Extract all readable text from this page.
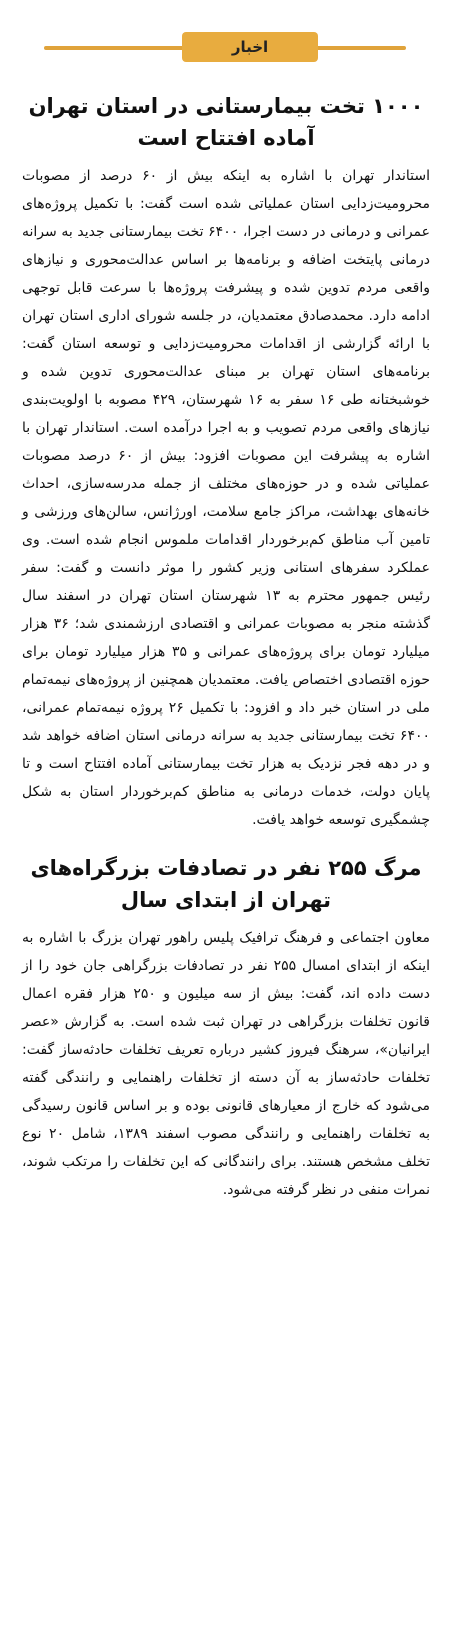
اخبار
۱۰۰۰ تخت بیمارستانی در استان تهران
آماده افتتاح است

استاندار تهران با اشاره به اینکه بیش از ۶۰ درصد از مصوبات محرومیت‌زدایی استان عملیاتی شده است گفت: با تکمیل پروژه‌های عمرانی و درمانی در دست اجرا، ۶۴۰۰ تخت بیمارستانی جدید به سرانه درمانی پایتخت اضافه و برنامه‌ها بر اساس عدالت‌محوری و نیازهای واقعی مردم تدوین شده و پیشرفت پروژه‌ها با سرعت قابل توجهی ادامه دارد. محمدصادق معتمدیان، در جلسه شورای اداری استان تهران با ارائه گزارشی از اقدامات محرومیت‌زدایی و توسعه استان گفت: برنامه‌های استان تهران بر مبنای عدالت‌محوری تدوین شده و خوشبختانه طی ۱۶ سفر به ۱۶ شهرستان، ۴۲۹ مصوبه با اولویت‌بندی نیازهای واقعی مردم تصویب و به اجرا درآمده است. استاندار تهران با اشاره به پیشرفت این مصوبات افزود: بیش از ۶۰ درصد مصوبات عملیاتی شده و در حوزه‌های مختلف از جمله مدرسه‌سازی، احداث خانه‌های بهداشت، مراکز جامع سلامت، اورژانس، سالن‌های ورزشی و تامین آب مناطق کم‌برخوردار اقدامات ملموس انجام شده است. وی عملکرد سفرهای استانی وزیر کشور را موثر دانست و گفت: سفر رئیس جمهور محترم به ۱۳ شهرستان استان تهران در اسفند سال گذشته منجر به مصوبات عمرانی و اقتصادی ارزشمندی شد؛ ۳۶ هزار میلیارد تومان برای پروژه‌های عمرانی و ۳۵ هزار میلیارد تومان برای حوزه اقتصادی اختصاص یافت. معتمدیان همچنین از پروژه‌های نیمه‌تمام ملی در استان خبر داد و افزود: با تکمیل ۲۶ پروژه نیمه‌تمام عمرانی، ۶۴۰۰ تخت بیمارستانی جدید به سرانه درمانی استان اضافه خواهد شد و در دهه فجر نزدیک به هزار تخت بیمارستانی آماده افتتاح است و تا پایان دولت، خدمات درمانی به مناطق کم‌برخوردار استان به شکل چشمگیری توسعه خواهد یافت.

مرگ ۲۵۵ نفر در تصادفات بزرگراه‌های
تهران از ابتدای سال

معاون اجتماعی و فرهنگ ترافیک پلیس راهور تهران بزرگ با اشاره به اینکه از ابتدای امسال ۲۵۵ نفر در تصادفات بزرگراهی جان خود را از دست داده اند، گفت: بیش از سه میلیون و ۲۵۰ هزار فقره اعمال قانون تخلفات بزرگراهی در تهران ثبت شده است. به گزارش «عصر ایرانیان»، سرهنگ فیروز کشیر درباره تعریف تخلفات حادثه‌ساز گفت: تخلفات حادثه‌ساز به آن دسته از تخلفات راهنمایی و رانندگی گفته می‌شود که خارج از معیارهای قانونی بوده و بر اساس قانون رسیدگی به تخلفات راهنمایی و رانندگی مصوب اسفند ۱۳۸۹، شامل ۲۰ نوع تخلف مشخص هستند. برای رانندگانی که این تخلفات را مرتکب شوند، نمرات منفی در نظر گرفته می‌شود.
